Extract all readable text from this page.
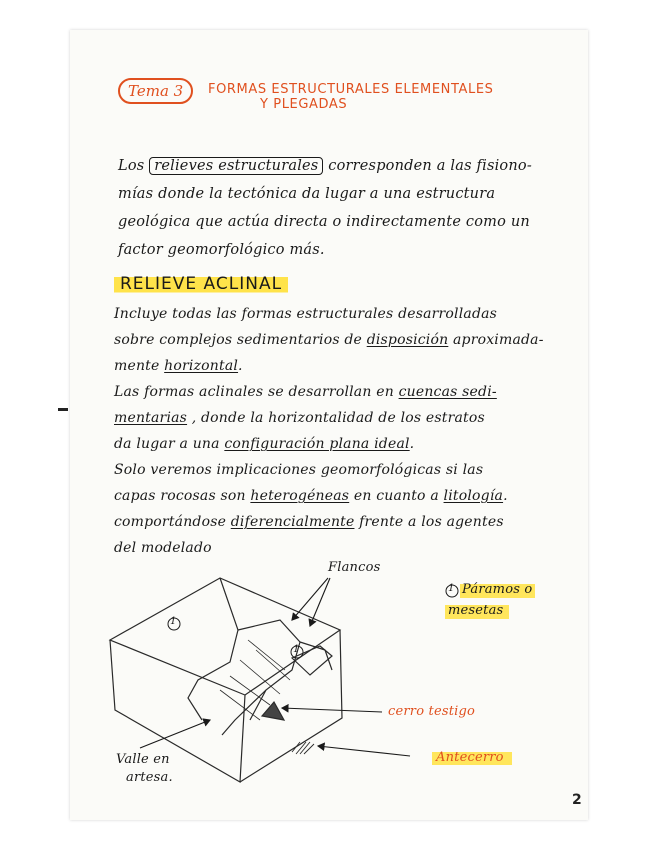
Tema 3	FORMAS ESTRUCTURALES ELEMENTALES
Y PLEGADAS
Los relieves estructurales corresponden a las fisiono-
mías donde la tectónica da lugar a una estructura
geológica que actúa directa o indirectamente como un
factor geomorfológico más.
RELIEVE ACLINAL
Incluye todas las formas estructurales desarrolladas
sobre complejos sedimentarios de disposición aproximada-
mente horizontal.
Las formas aclinales se desarrollan en cuencas sedi-
mentarias , donde la horizontalidad de los estratos
da lugar a una configuración plana ideal.
Solo veremos implicaciones geomorfológicas si las
capas rocosas son heterogéneas en cuanto a litología.
comportándose diferencialmente frente a los agentes
del modelado
1
1
1
Flancos
Páramos o
mesetas
cerro testigo
Antecerro
Valle en
artesa.
2
